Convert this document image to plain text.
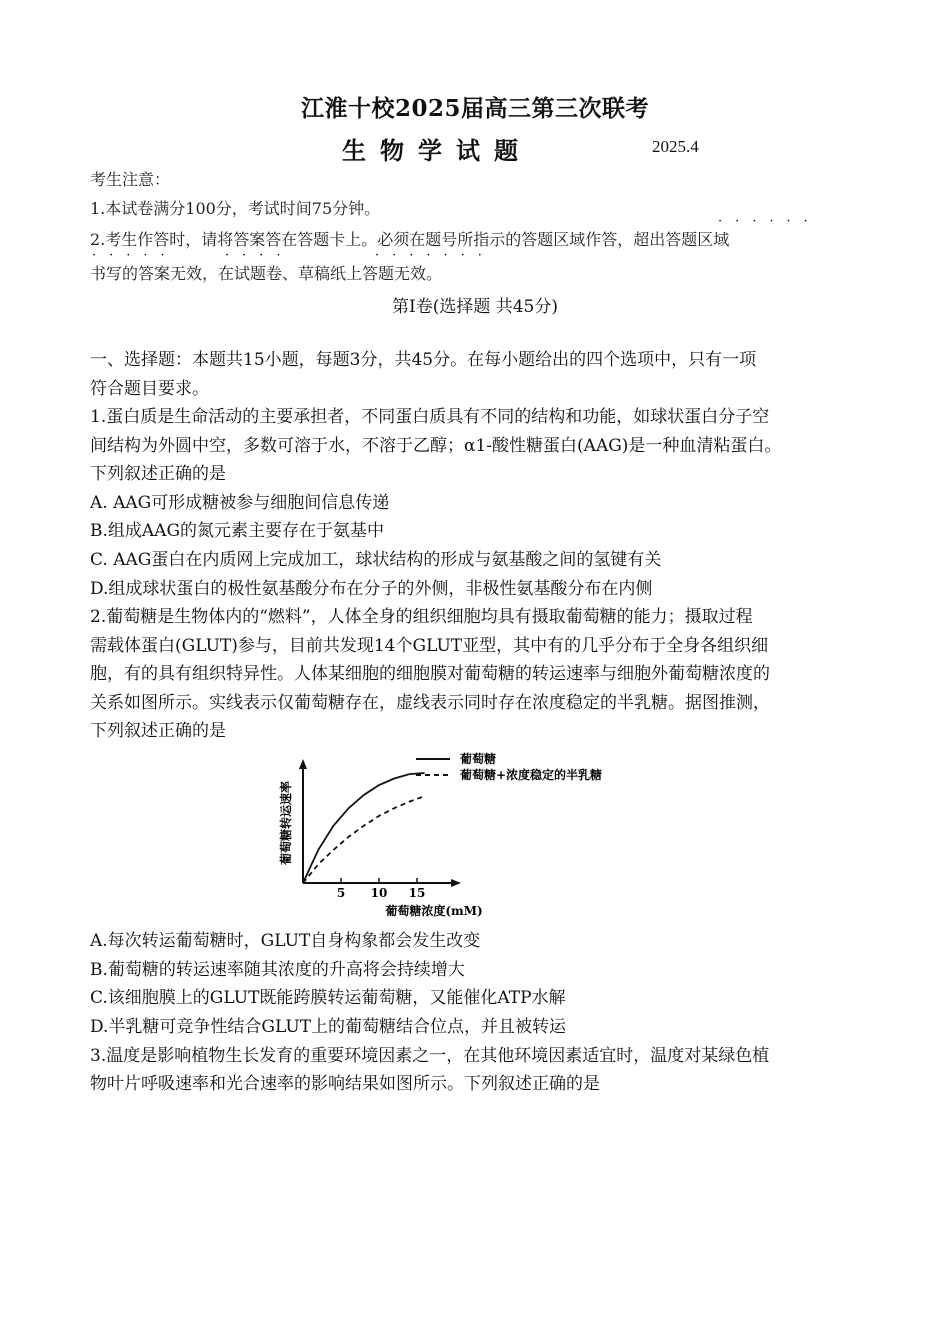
江淮十校2025届高三第三次联考
生物学试题	2025.4
考生注意：
1.本试卷满分100分，考试时间75分钟。
2.考生作答时，请将答案答在答题卡上。必须在题号所指示的答题区域作答，超出答题区域
书写的答案无效，在试题卷、草稿纸上答题无效。
······
·····	····	·······
第Ⅰ卷(选择题 共45分)
一、选择题：本题共15小题，每题3分，共45分。在每小题给出的四个选项中，只有一项
符合题目要求。
1.蛋白质是生命活动的主要承担者，不同蛋白质具有不同的结构和功能，如球状蛋白分子空
间结构为外圆中空，多数可溶于水，不溶于乙醇；α1-酸性糖蛋白(AAG)是一种血清粘蛋白。
下列叙述正确的是
A. AAG可形成糖被参与细胞间信息传递
B.组成AAG的氮元素主要存在于氨基中
C. AAG蛋白在内质网上完成加工，球状结构的形成与氨基酸之间的氢键有关
D.组成球状蛋白的极性氨基酸分布在分子的外侧，非极性氨基酸分布在内侧
2.葡萄糖是生物体内的“燃料”，人体全身的组织细胞均具有摄取葡萄糖的能力；摄取过程
需载体蛋白(GLUT)参与，目前共发现14个GLUT亚型，其中有的几乎分布于全身各组织细
胞，有的具有组织特异性。人体某细胞的细胞膜对葡萄糖的转运速率与细胞外葡萄糖浓度的
关系如图所示。实线表示仅葡萄糖存在，虚线表示同时存在浓度稳定的半乳糖。据图推测，
下列叙述正确的是
葡萄糖转运速率
葡萄糖浓度(mM)
5 10 15
葡萄糖
葡萄糖+浓度稳定的半乳糖
A.每次转运葡萄糖时，GLUT自身构象都会发生改变
B.葡萄糖的转运速率随其浓度的升高将会持续增大
C.该细胞膜上的GLUT既能跨膜转运葡萄糖，又能催化ATP水解
D.半乳糖可竞争性结合GLUT上的葡萄糖结合位点，并且被转运
3.温度是影响植物生长发育的重要环境因素之一，在其他环境因素适宜时，温度对某绿色植
物叶片呼吸速率和光合速率的影响结果如图所示。下列叙述正确的是
